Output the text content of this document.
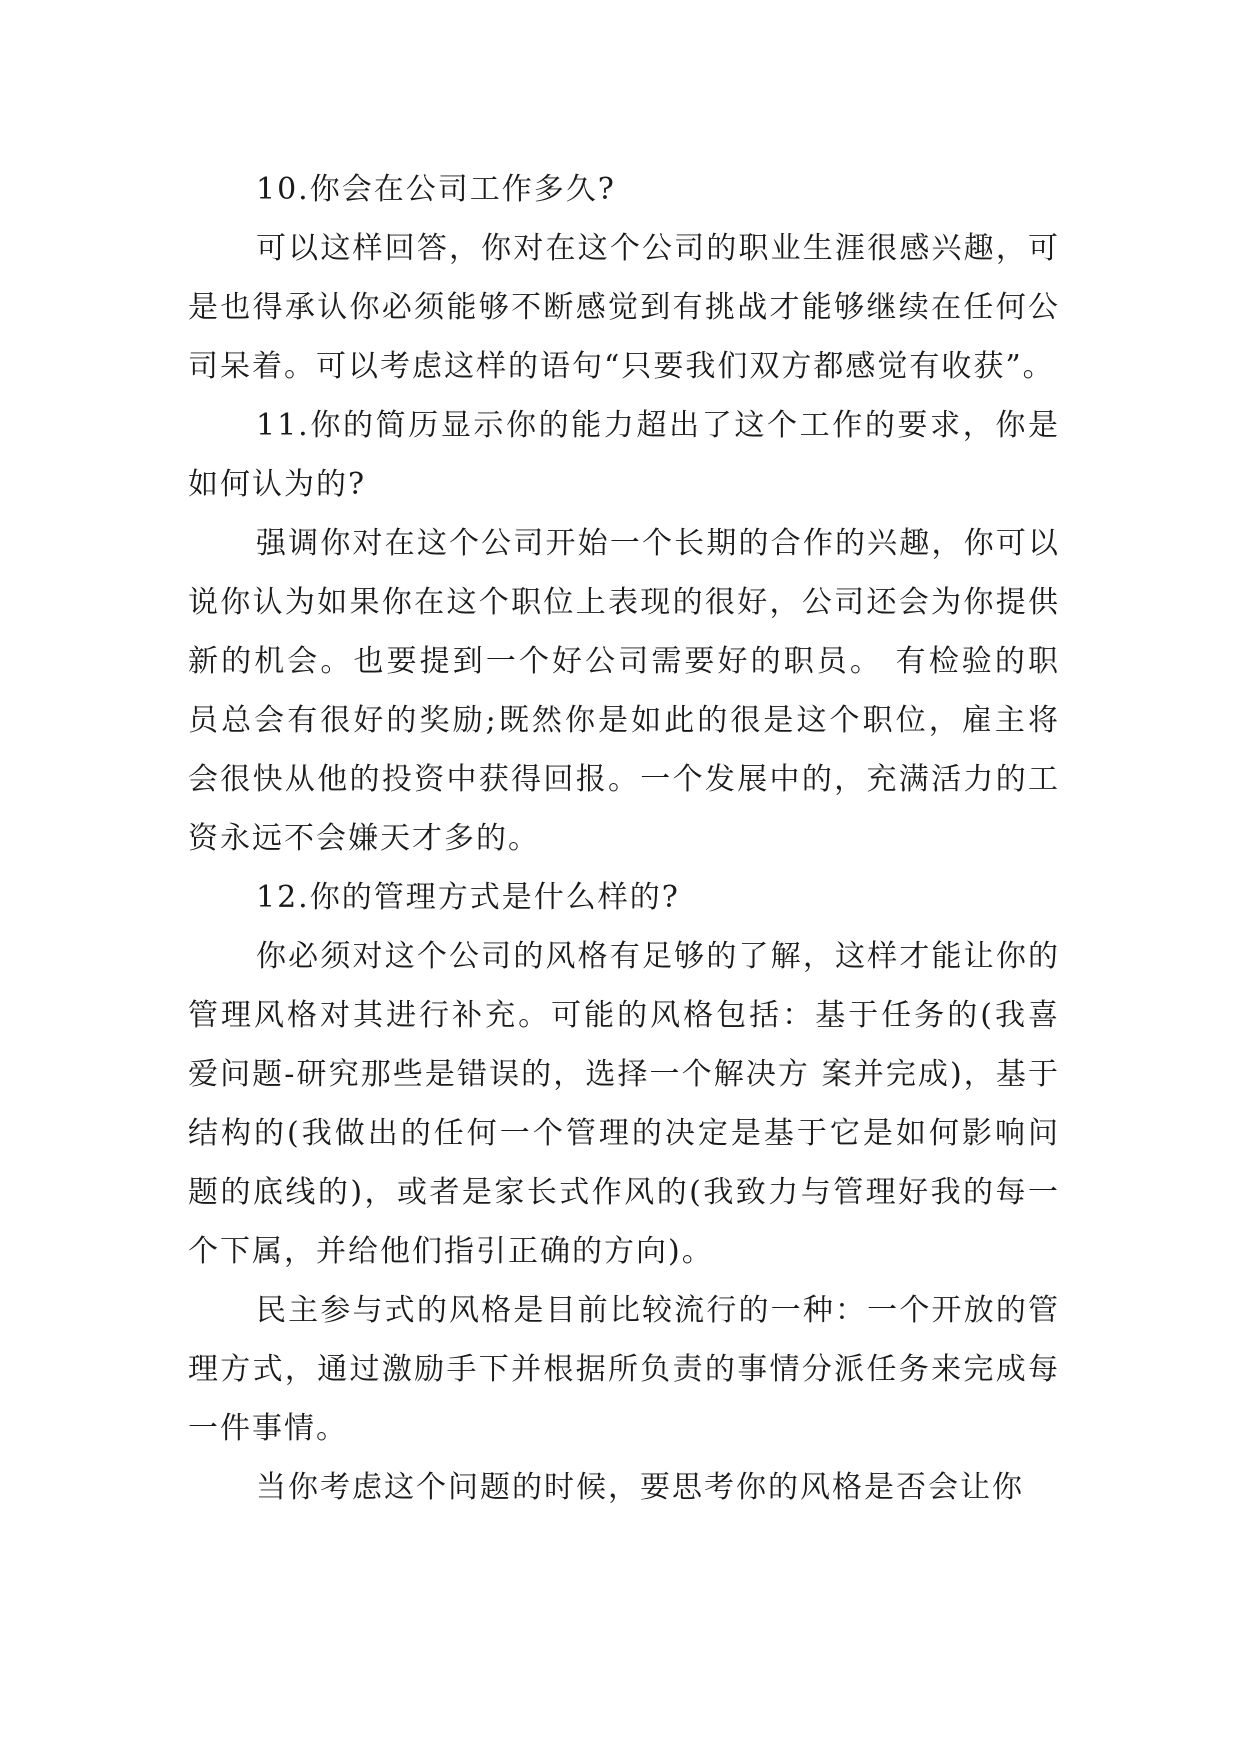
10.你会在公司工作多久?

可以这样回答，你对在这个公司的职业生涯很感兴趣，可是也得承认你必须能够不断感觉到有挑战才能够继续在任何公司呆着。可以考虑这样的语句“只要我们双方都感觉有收获”。

11.你的简历显示你的能力超出了这个工作的要求，你是如何认为的?

强调你对在这个公司开始一个长期的合作的兴趣，你可以说你认为如果你在这个职位上表现的很好，公司还会为你提供新的机会。也要提到一个好公司需要好的职员。 有检验的职员总会有很好的奖励;既然你是如此的很是这个职位，雇主将会很快从他的投资中获得回报。一个发展中的，充满活力的工资永远不会嫌天才多的。

12.你的管理方式是什么样的?

你必须对这个公司的风格有足够的了解，这样才能让你的管理风格对其进行补充。可能的风格包括：基于任务的(我喜爱问题-研究那些是错误的，选择一个解决方 案并完成)，基于结构的(我做出的任何一个管理的决定是基于它是如何影响问题的底线的)，或者是家长式作风的(我致力与管理好我的每一个下属，并给他们指引正确的方向)。

民主参与式的风格是目前比较流行的一种：一个开放的管理方式，通过激励手下并根据所负责的事情分派任务来完成每一件事情。

当你考虑这个问题的时候，要思考你的风格是否会让你
